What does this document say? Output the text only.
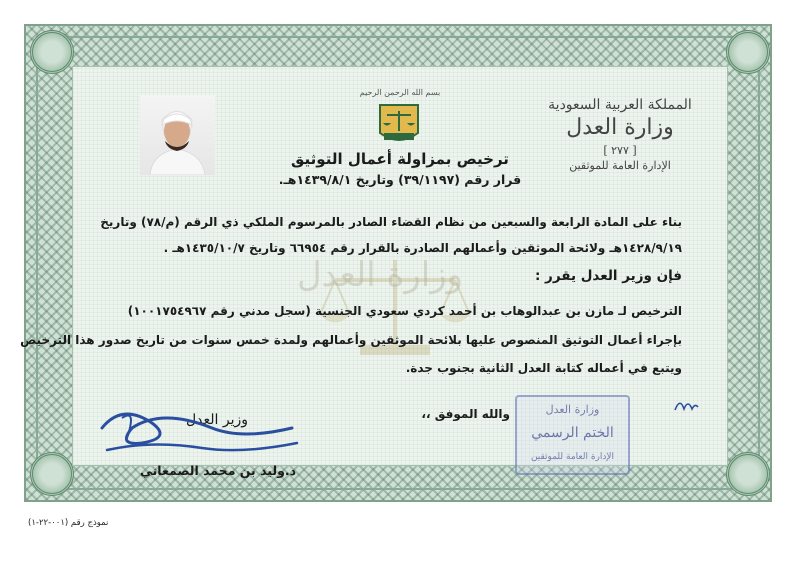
وزارة العدل
بسم الله الرحمن الرحيم
المملكة العربية السعودية
وزارة العدل
[ ٢٧٧ ]
الإدارة العامة للموثقين
ترخيص بمزاولة أعمال التوثيق
قرار رقم (٣٩/١١٩٧) وتاريخ ١٤٣٩/٨/١هـ.
بناء على المادة الرابعة والسبعين من نظام القضاء الصادر بالمرسوم الملكي ذي الرقم (م/٧٨) وتاريخ
١٤٢٨/٩/١٩هـ ولائحة الموثقين وأعمالهم الصادرة بالقرار رقم ٦٦٩٥٤ وتاريخ ١٤٣٥/١٠/٧هـ .
فإن وزير العدل يقرر :
الترخيص لـ مازن بن عبدالوهاب بن أحمد كردي سعودي الجنسية (سجل مدني رقم ١٠٠١٧٥٤٩٦٧)
بإجراء أعمال التوثيق المنصوص عليها بلائحة الموثقين وأعمالهم ولمدة خمس سنوات من تاريخ صدور هذا الترخيص
ويتبع في أعماله كتابة العدل الثانية بجنوب جدة.
والله الموفق ،،
وزير العدل
د.وليد بن محمد الصمعاني
وزارة العدل
الختم الرسمي
الإدارة العامة للموثقين
نموذج رقم (٠٠١-٢٢-١)
